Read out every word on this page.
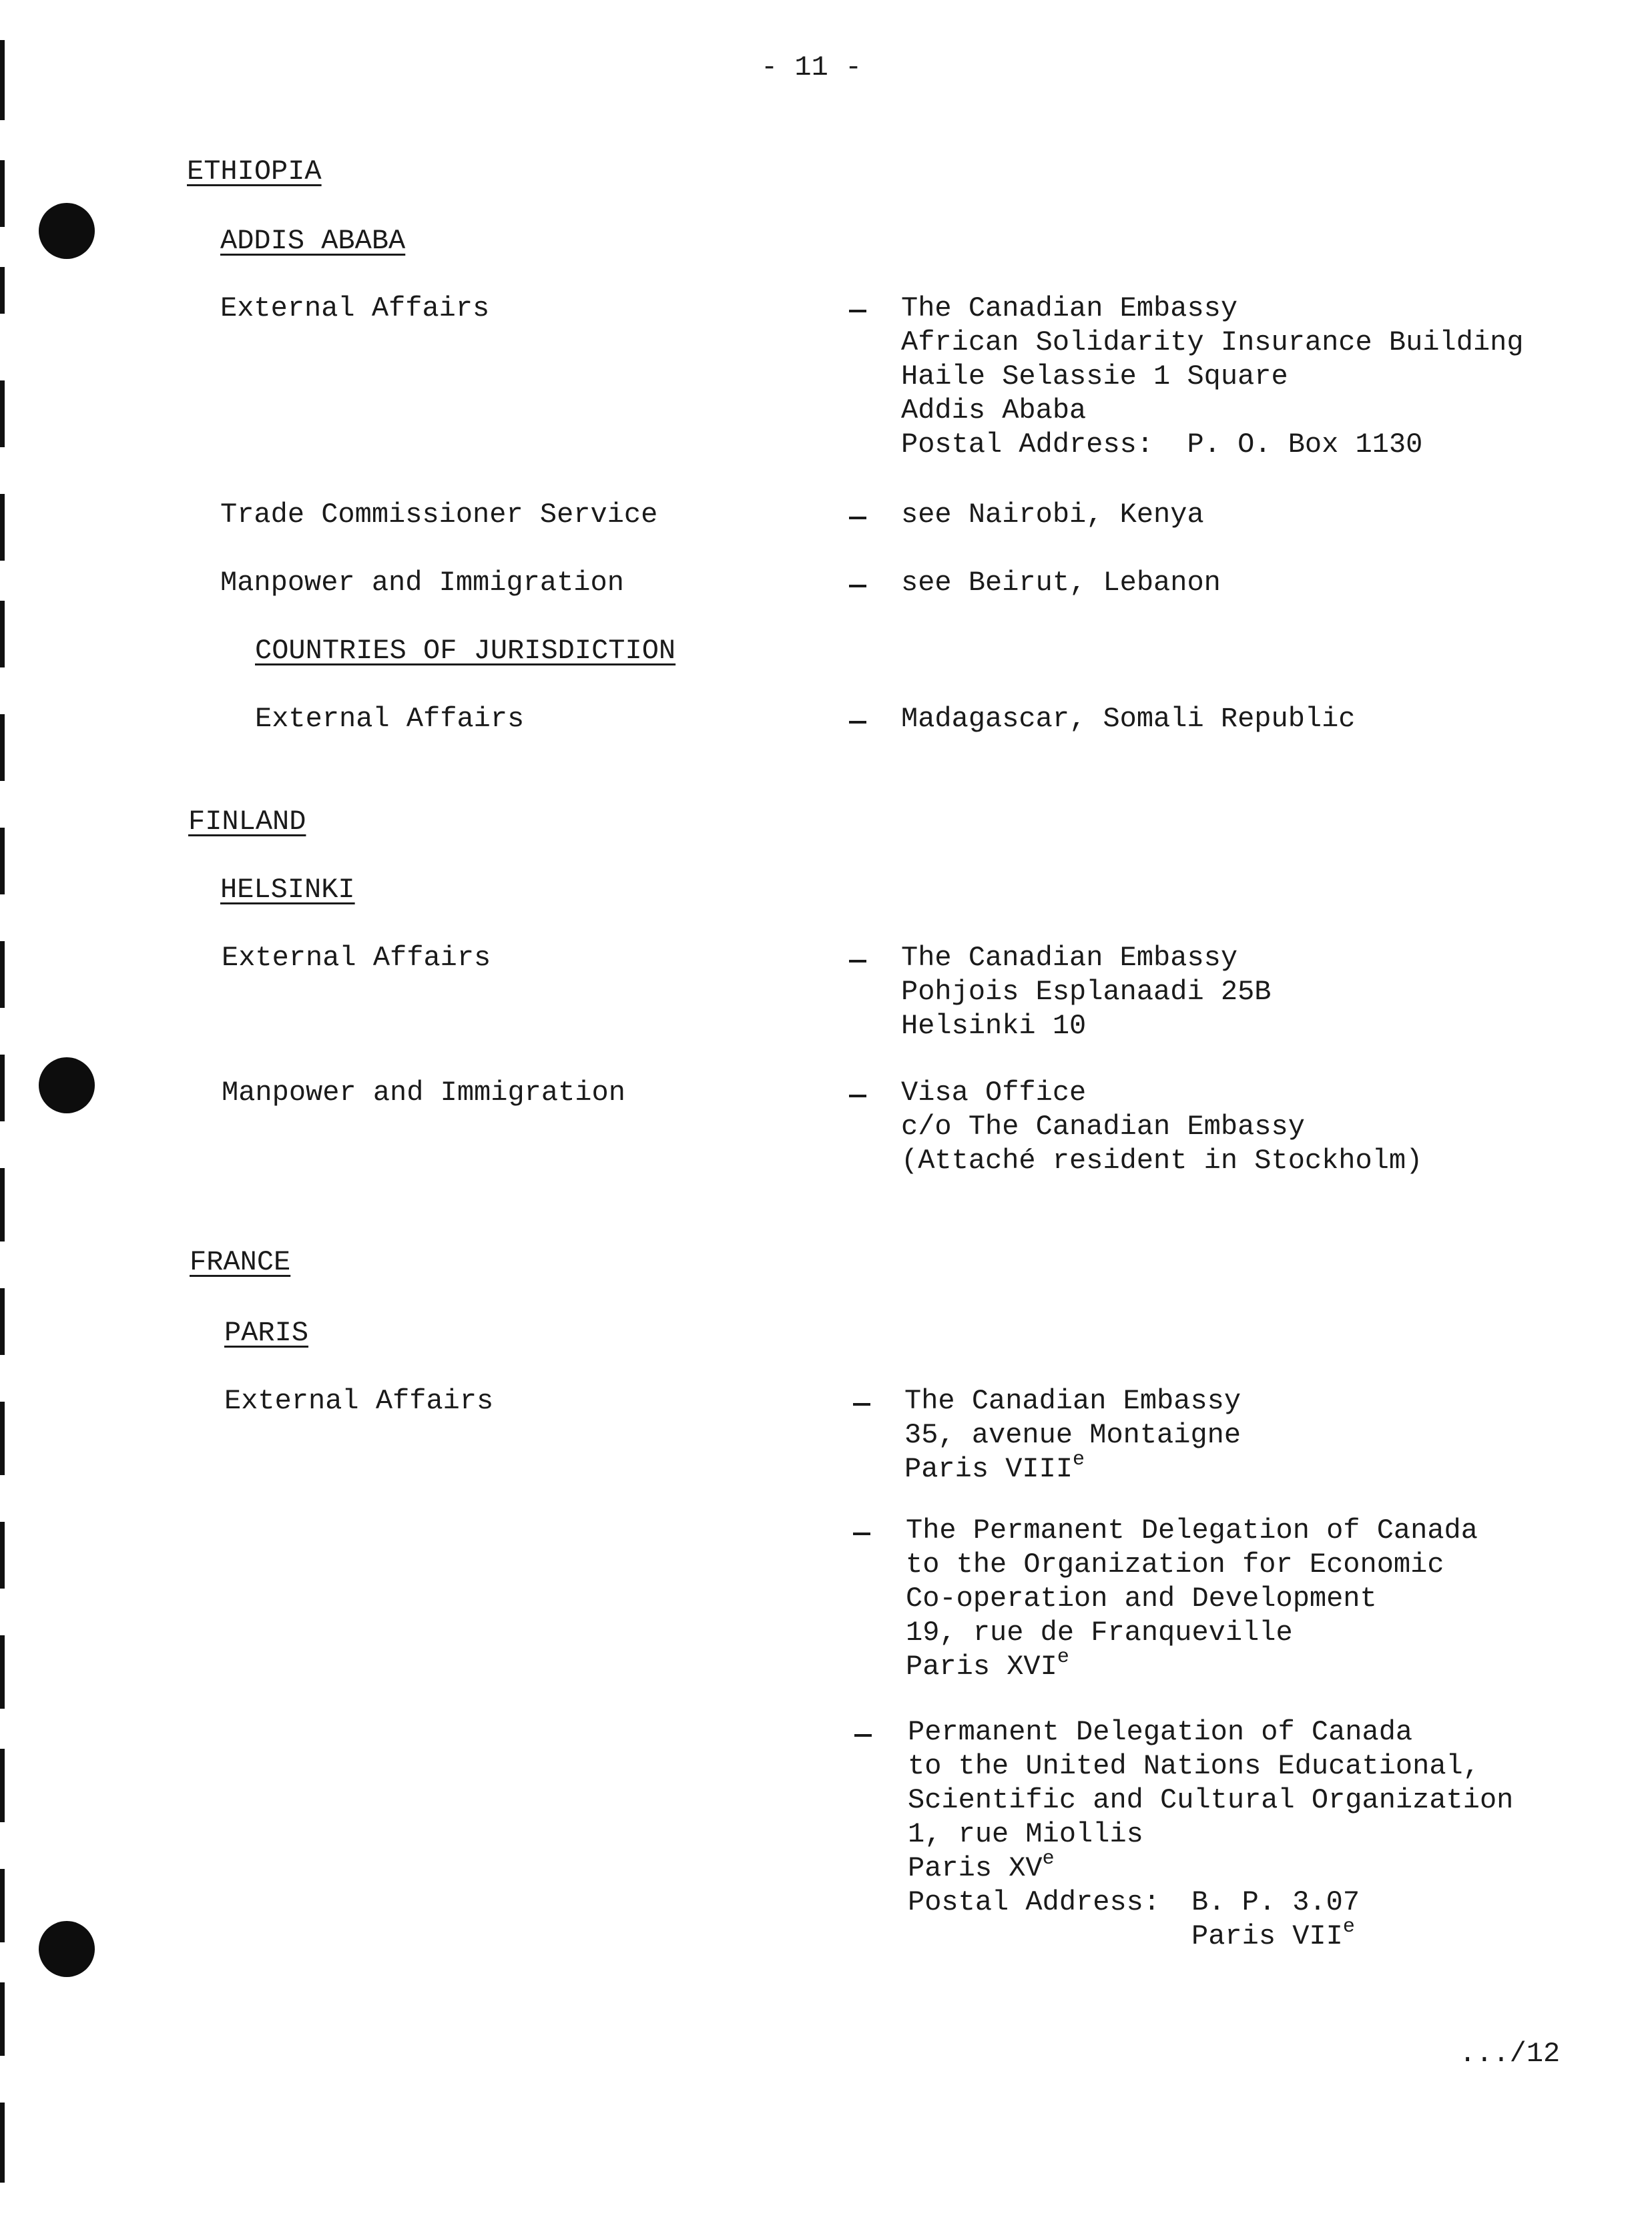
- 11 -
ETHIOPIA
ADDIS ABABA
External Affairs	The Canadian Embassy
African Solidarity Insurance Building
Haile Selassie 1 Square
Addis Ababa
Postal Address:  P. O. Box 1130
Trade Commissioner Service	see Nairobi, Kenya
Manpower and Immigration	see Beirut, Lebanon
COUNTRIES OF JURISDICTION
External Affairs	Madagascar, Somali Republic
FINLAND
HELSINKI
External Affairs	The Canadian Embassy
Pohjois Esplanaadi 25B
Helsinki 10
Manpower and Immigration	Visa Office
c/o The Canadian Embassy
(Attaché resident in Stockholm)
FRANCE
PARIS
External Affairs	The Canadian Embassy
35, avenue Montaigne
Paris VIIIe
The Permanent Delegation of Canada
to the Organization for Economic
Co-operation and Development
19, rue de Franqueville
Paris XVIe
Permanent Delegation of Canada
to the United Nations Educational,
Scientific and Cultural Organization
1, rue Miollis
Paris XVe
Postal Address: B. P. 3.07
Paris VIIe
.../12
